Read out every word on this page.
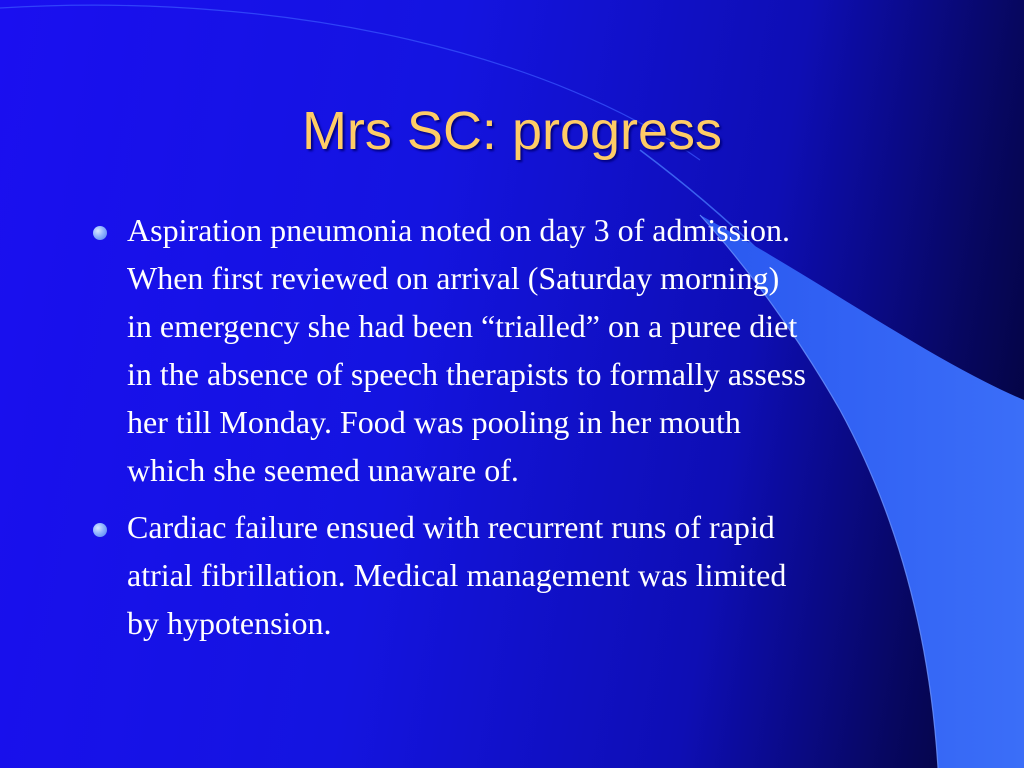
Mrs SC: progress
Aspiration pneumonia noted on day 3 of admission.
When first reviewed on arrival (Saturday morning)
in emergency she had been “trialled” on a puree diet
in the absence of speech therapists to formally assess
her till Monday. Food was pooling in her mouth
which she seemed unaware of.
Cardiac failure ensued with recurrent runs of rapid
atrial fibrillation. Medical management was limited
by hypotension.
